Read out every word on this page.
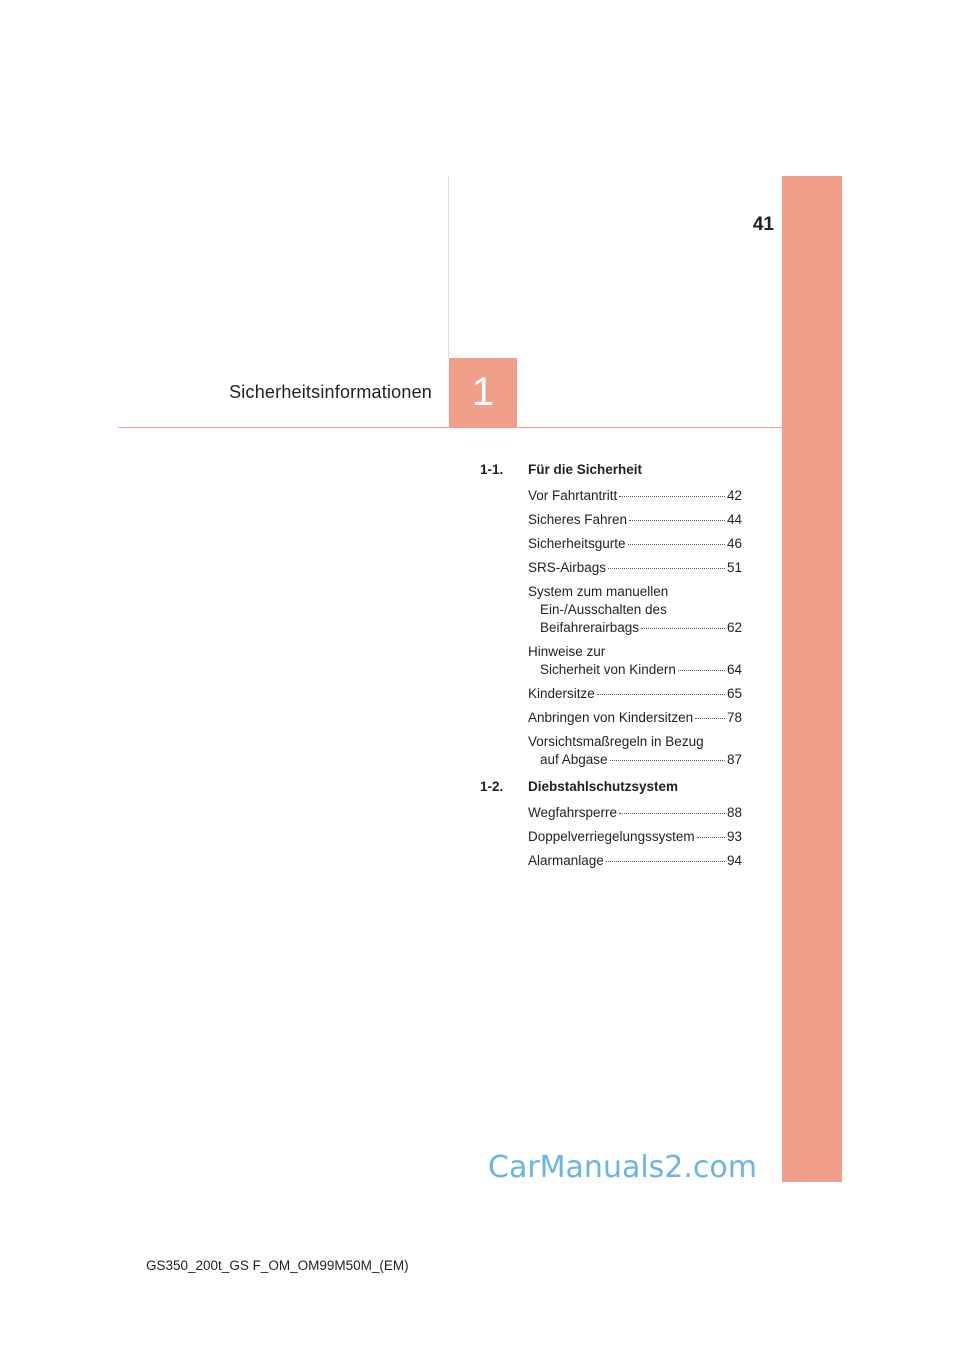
41
Sicherheitsinformationen 1
1-1.	Für die Sicherheit
Vor Fahrtantritt	42
Sicheres Fahren	44
Sicherheitsgurte	46
SRS-Airbags	51
System zum manuellen
Ein-/Ausschalten des
Beifahrerairbags	62
Hinweise zur
Sicherheit von Kindern	64
Kindersitze	65
Anbringen von Kindersitzen	78
Vorsichtsmaßregeln in Bezug
auf Abgase	87
1-2.	Diebstahlschutzsystem
Wegfahrsperre	88
Doppelverriegelungssystem 93
Alarmanlage	94
CarManuals2.com
GS350_200t_GS F_OM_OM99M50M_(EM)
